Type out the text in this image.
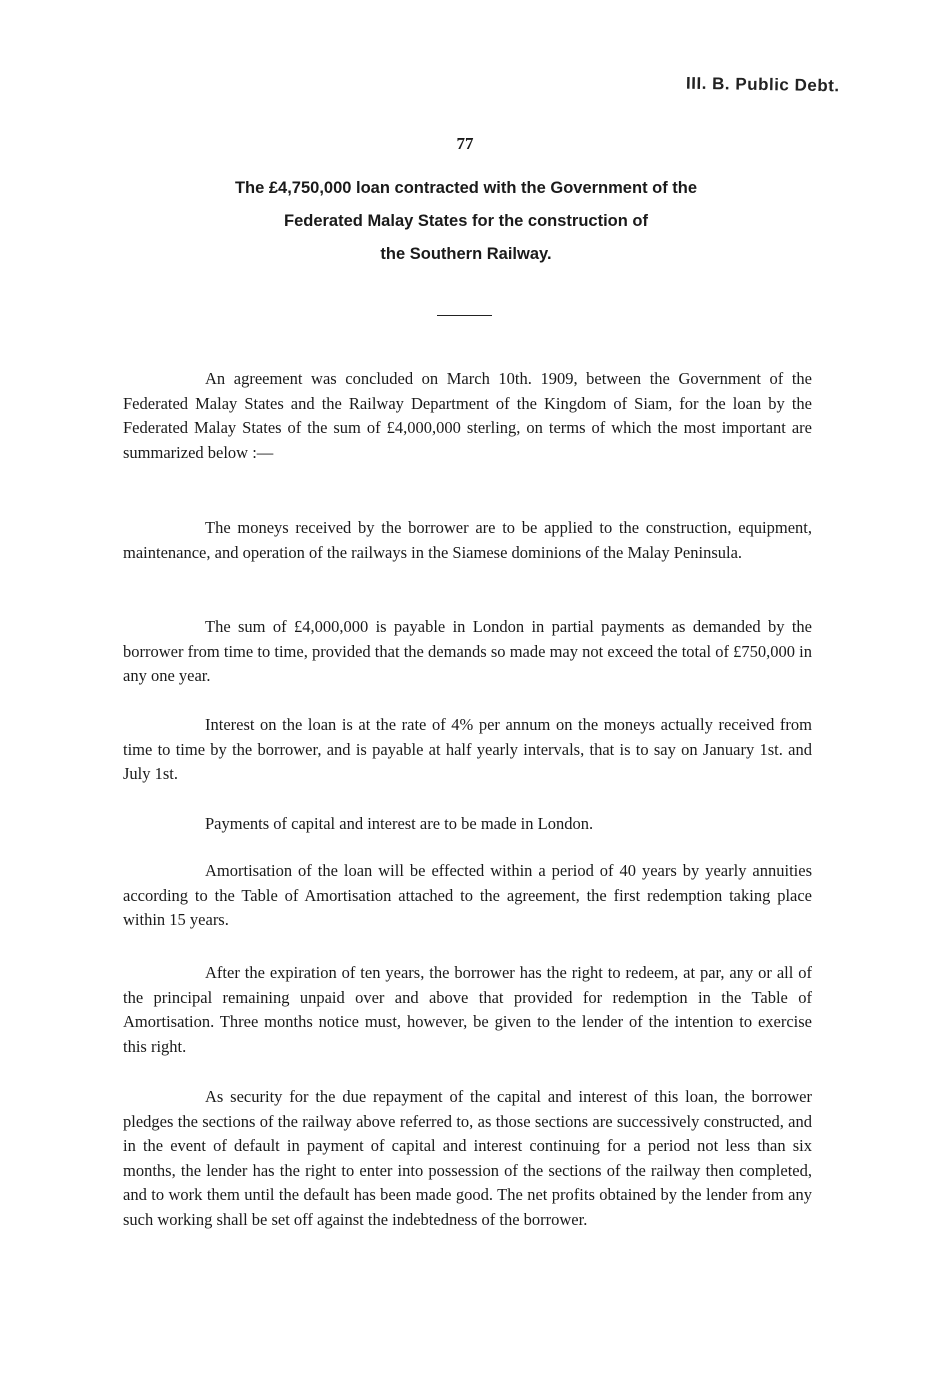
III. B. Public Debt.
77
The £4,750,000 loan contracted with the Government of the
Federated Malay States for the construction of
the Southern Railway.

An agreement was concluded on March 10th. 1909, between the Government of the Federated Malay States and the Railway Department of the Kingdom of Siam, for the loan by the Federated Malay States of the sum of £4,000,000 sterling, on terms of which the most important are summarized below :—

The moneys received by the borrower are to be applied to the construction, equipment, maintenance, and operation of the railways in the Siamese dominions of the Malay Peninsula.

The sum of £4,000,000 is payable in London in partial payments as demanded by the borrower from time to time, provided that the demands so made may not exceed the total of £750,000 in any one year.

Interest on the loan is at the rate of 4% per annum on the moneys actually received from time to time by the borrower, and is payable at half yearly intervals, that is to say on January 1st. and July 1st.

Payments of capital and interest are to be made in London.

Amortisation of the loan will be effected within a period of 40 years by yearly annuities according to the Table of Amortisation attached to the agreement, the first redemption taking place within 15 years.

After the expiration of ten years, the borrower has the right to redeem, at par, any or all of the principal remaining unpaid over and above that provided for redemption in the Table of Amortisation. Three months notice must, however, be given to the lender of the intention to exercise this right.

As security for the due repayment of the capital and interest of this loan, the borrower pledges the sections of the railway above referred to, as those sections are successively constructed, and in the event of default in payment of capital and interest continuing for a period not less than six months, the lender has the right to enter into possession of the sections of the railway then completed, and to work them until the default has been made good. The net profits obtained by the lender from any such working shall be set off against the indebtedness of the borrower.
